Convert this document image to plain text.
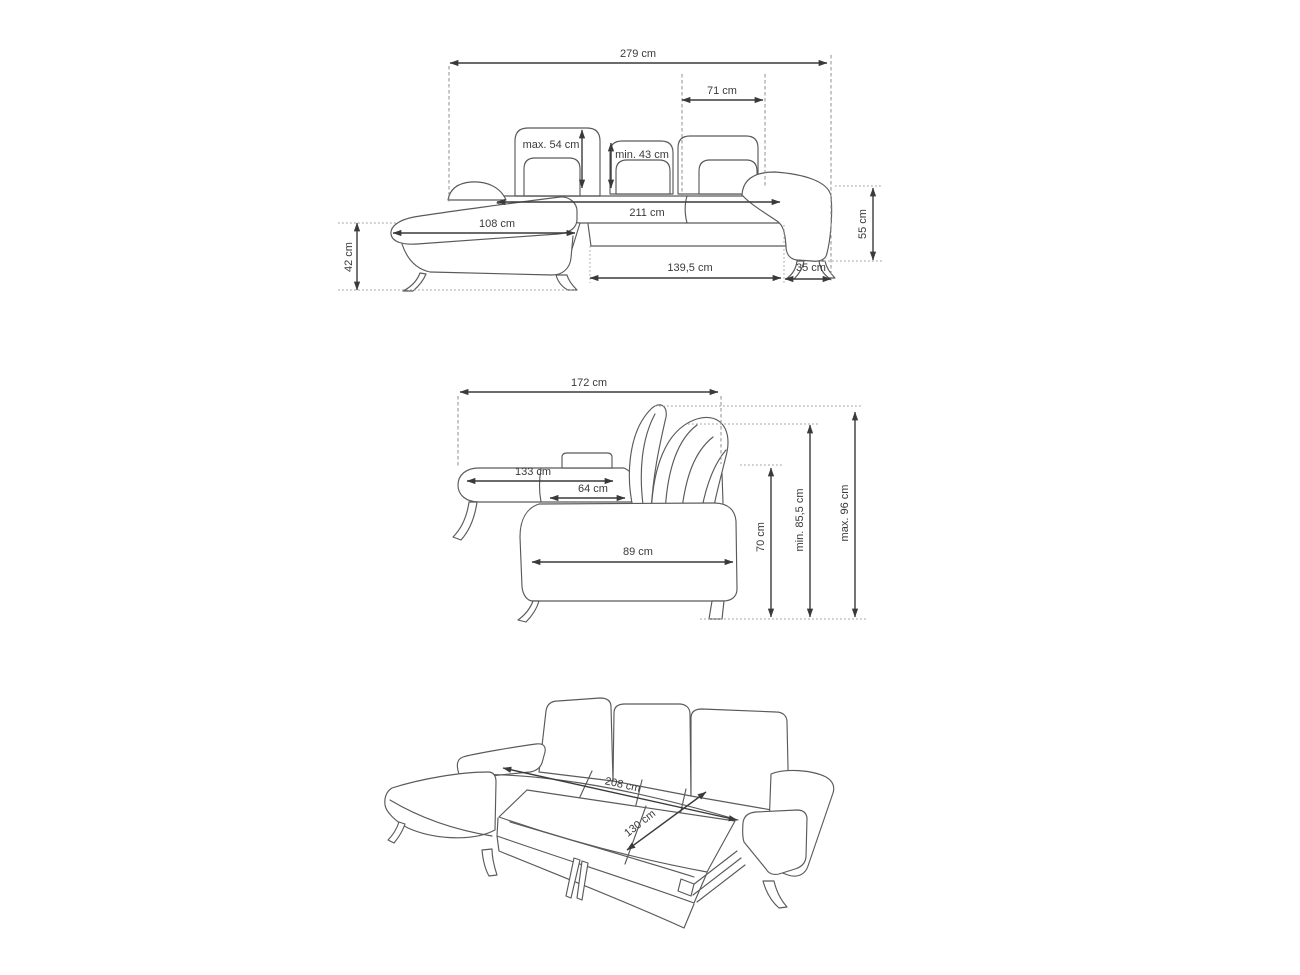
279 cm
71 cm
max. 54 cm
min. 43 cm
211 cm
108 cm
42 cm	139,5 cm	35 cm
55 cm
172 cm
133 cm
64 cm
89 cm
70 cm min. 85,5 cm	max. 96 cm
208 cm
130 cm
